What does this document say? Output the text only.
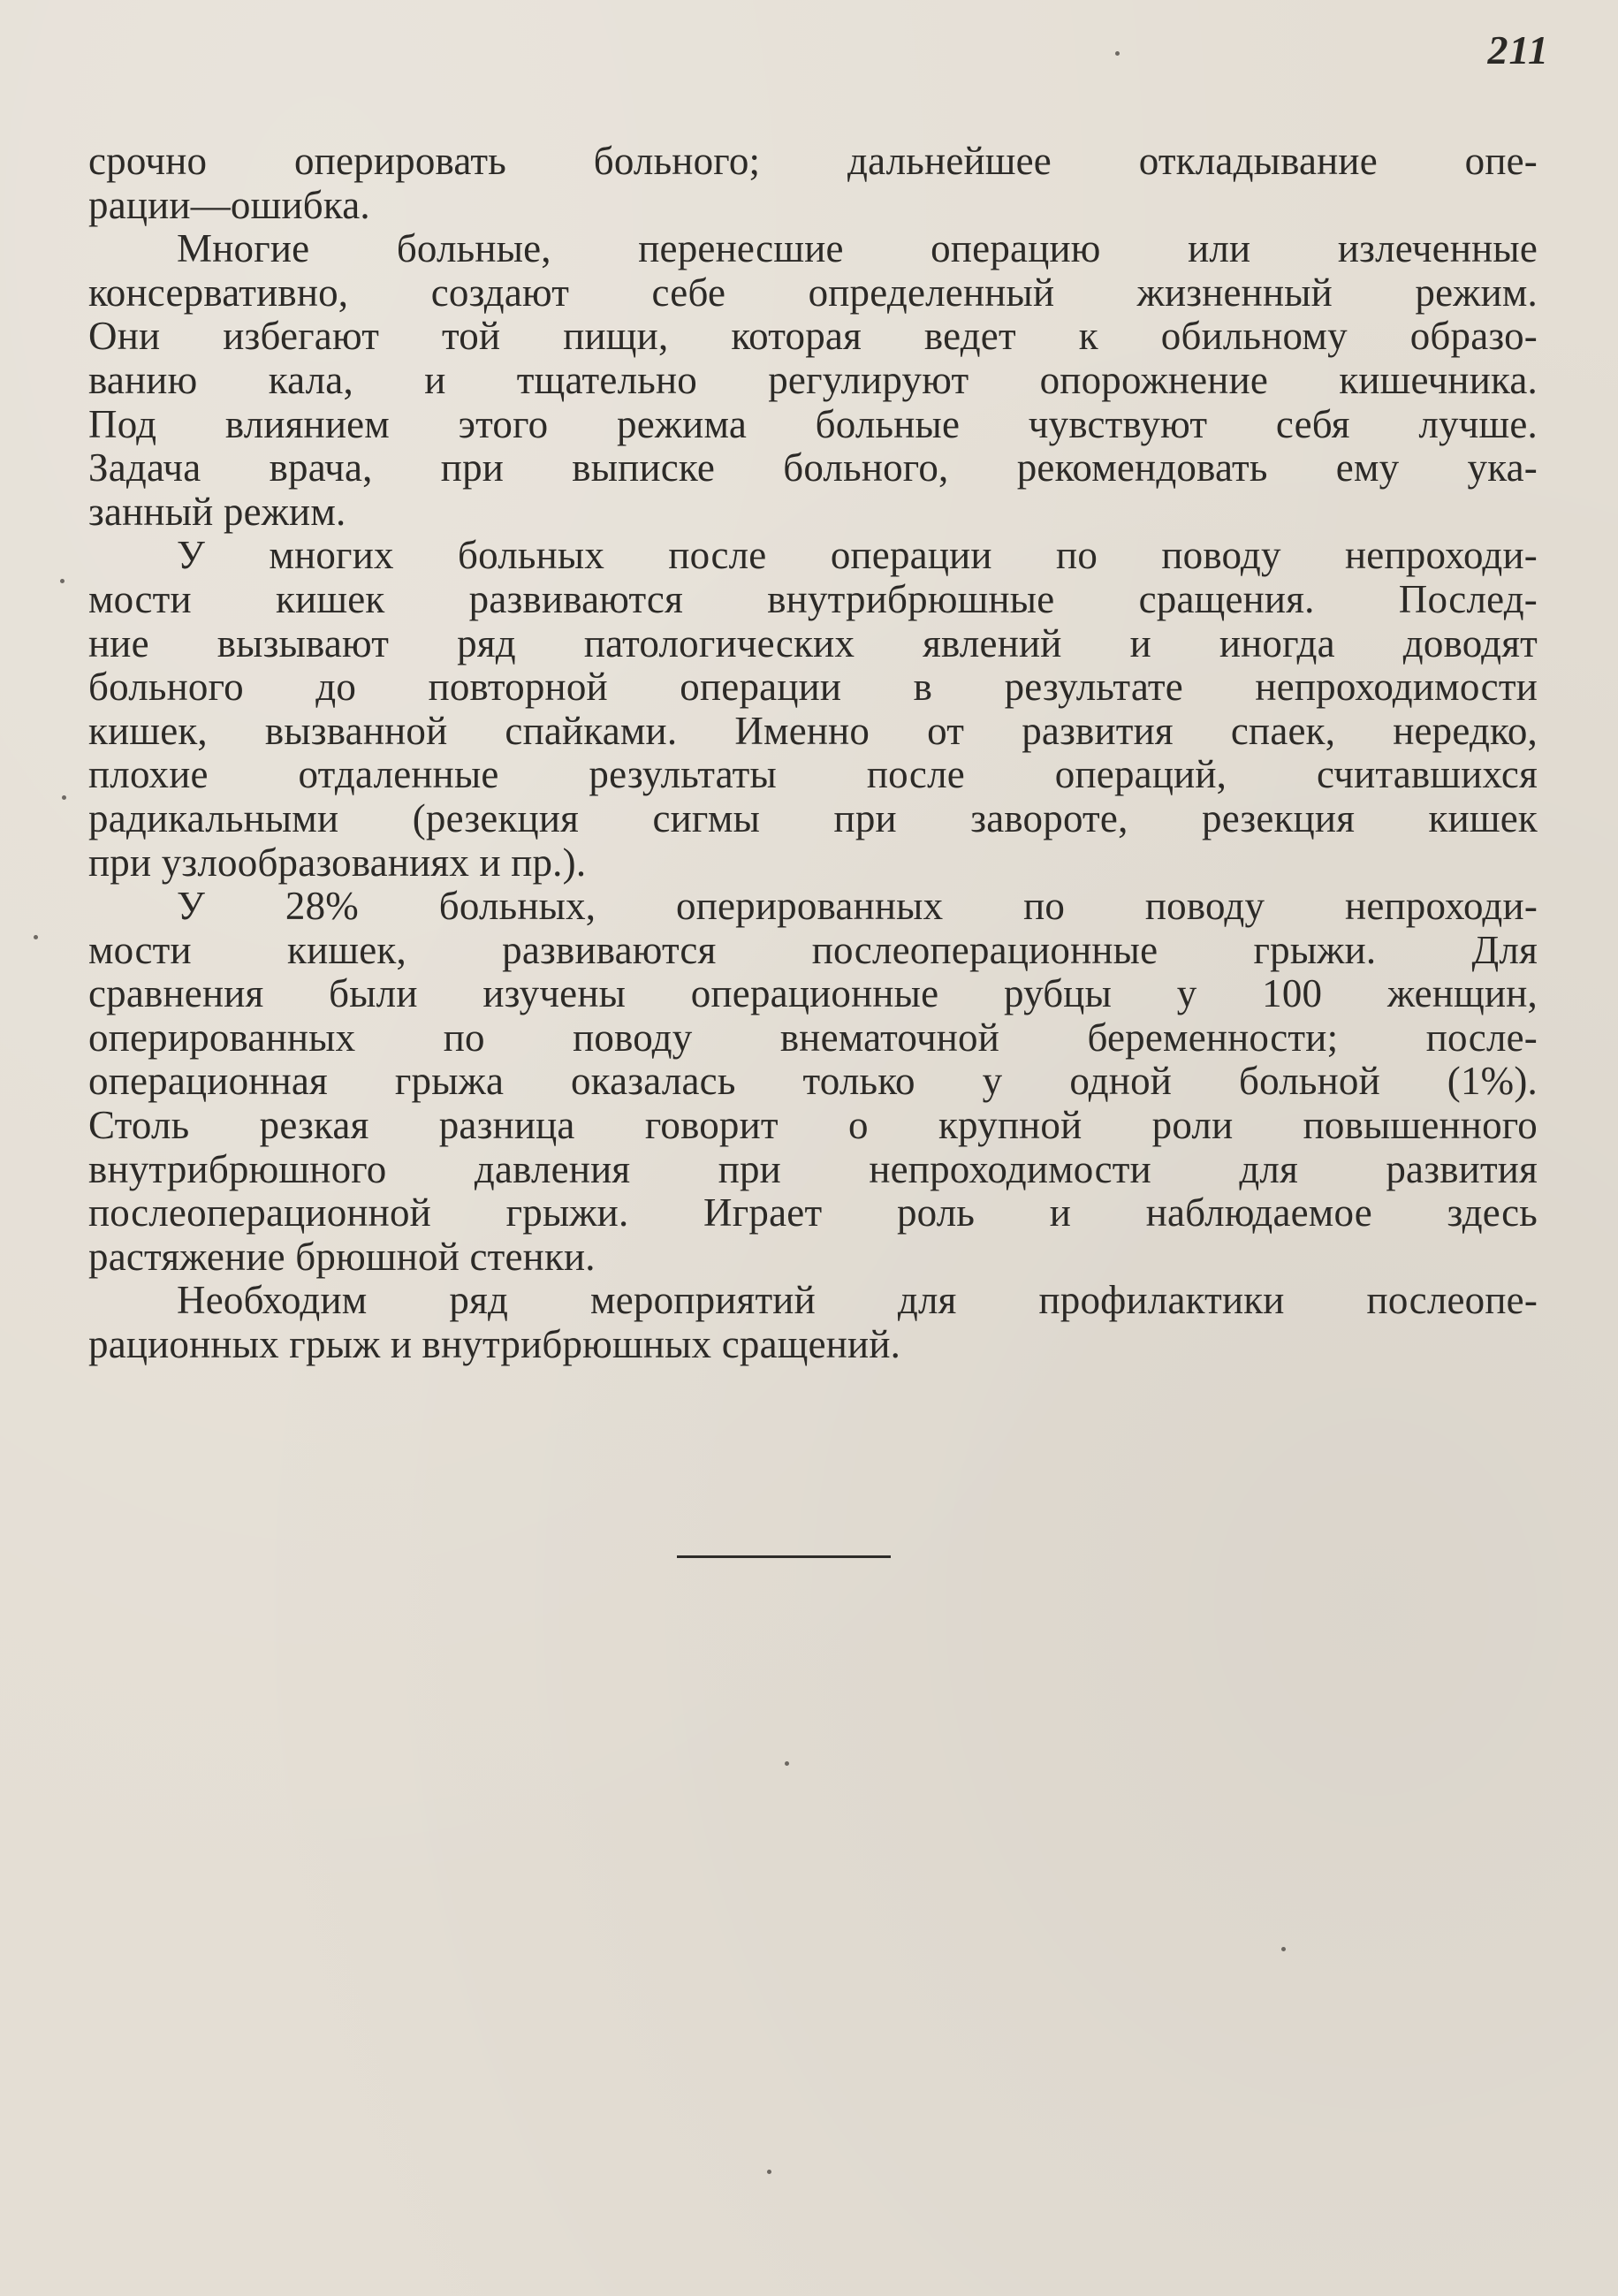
211

срочно оперировать больного; дальнейшее откладывание опе-
рации—ошибка.

Многие больные, перенесшие операцию или излеченные
консервативно, создают себе определенный жизненный режим.
Они избегают той пищи, которая ведет к обильному образо-
ванию кала, и тщательно регулируют опорожнение кишечника.
Под влиянием этого режима больные чувствуют себя лучше.
Задача врача, при выписке больного, рекомендовать ему ука-
занный режим.

У многих больных после операции по поводу непроходи-
мости кишек развиваются внутрибрюшные сращения. Послед-
ние вызывают ряд патологических явлений и иногда доводят
больного до повторной операции в результате непроходимости
кишек, вызванной спайками. Именно от развития спаек, нередко,
плохие отдаленные результаты после операций, считавшихся
радикальными (резекция сигмы при завороте, резекция кишек
при узлообразованиях и пр.).

У 28% больных, оперированных по поводу непроходи-
мости кишек, развиваются послеоперационные грыжи. Для
сравнения были изучены операционные рубцы у 100 женщин,
оперированных по поводу внематочной беременности; после-
операционная грыжа оказалась только у одной больной (1%).
Столь резкая разница говорит о крупной роли повышенного
внутрибрюшного давления при непроходимости для развития
послеоперационной грыжи. Играет роль и наблюдаемое здесь
растяжение брюшной стенки.

Необходим ряд мероприятий для профилактики послеопе-
рационных грыж и внутрибрюшных сращений.
